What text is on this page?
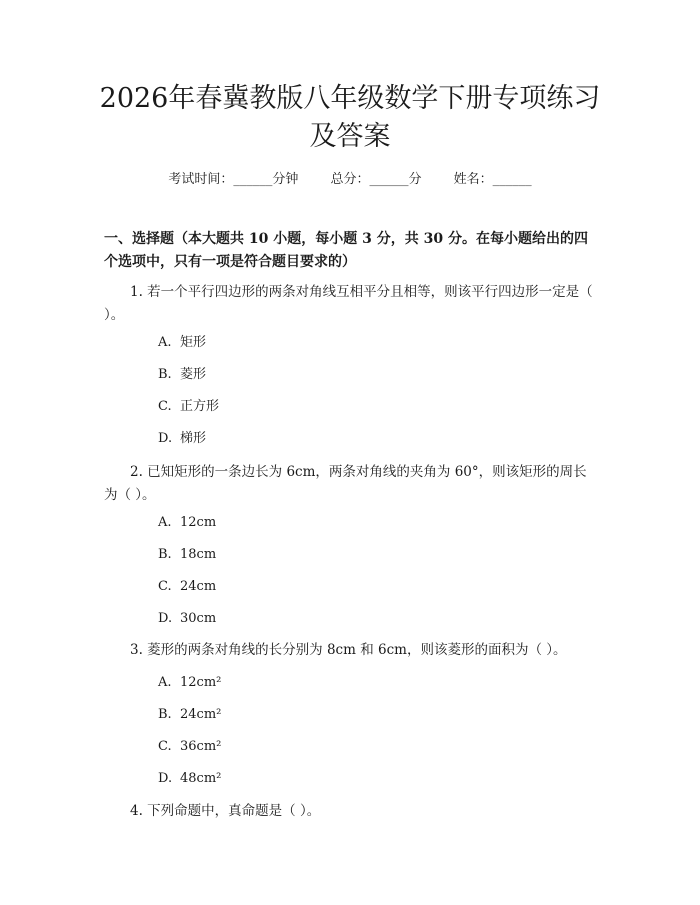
2026年春冀教版八年级数学下册专项练习及答案
考试时间：______分钟 总分：______分 姓名：______
一、选择题（本大题共 10 小题，每小题 3 分，共 30 分。在每小题给出的四个选项中，只有一项是符合题目要求的）
1. 若一个平行四边形的两条对角线互相平分且相等，则该平行四边形一定是（ ）。
A. 矩形
B. 菱形
C. 正方形
D. 梯形
2. 已知矩形的一条边长为 6cm，两条对角线的夹角为 60°，则该矩形的周长为（ ）。
A. 12cm
B. 18cm
C. 24cm
D. 30cm
3. 菱形的两条对角线的长分别为 8cm 和 6cm，则该菱形的面积为（ ）。
A. 12cm²
B. 24cm²
C. 36cm²
D. 48cm²
4. 下列命题中，真命题是（ ）。
